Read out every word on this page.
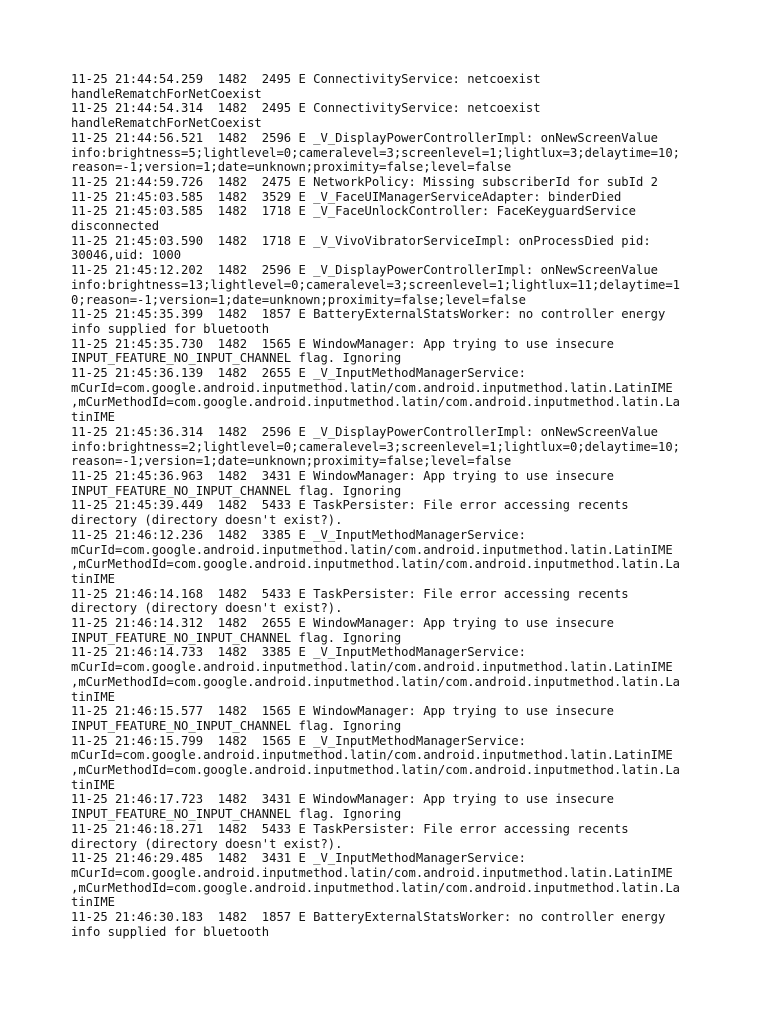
11-25 21:44:54.259  1482  2495 E ConnectivityService: netcoexist
handleRematchForNetCoexist
11-25 21:44:54.314  1482  2495 E ConnectivityService: netcoexist
handleRematchForNetCoexist
11-25 21:44:56.521  1482  2596 E _V_DisplayPowerControllerImpl: onNewScreenValue
info:brightness=5;lightlevel=0;cameralevel=3;screenlevel=1;lightlux=3;delaytime=10;
reason=-1;version=1;date=unknown;proximity=false;level=false
11-25 21:44:59.726  1482  2475 E NetworkPolicy: Missing subscriberId for subId 2
11-25 21:45:03.585  1482  3529 E _V_FaceUIManagerServiceAdapter: binderDied
11-25 21:45:03.585  1482  1718 E _V_FaceUnlockController: FaceKeyguardService
disconnected
11-25 21:45:03.590  1482  1718 E _V_VivoVibratorServiceImpl: onProcessDied pid:
30046,uid: 1000
11-25 21:45:12.202  1482  2596 E _V_DisplayPowerControllerImpl: onNewScreenValue
info:brightness=13;lightlevel=0;cameralevel=3;screenlevel=1;lightlux=11;delaytime=1
0;reason=-1;version=1;date=unknown;proximity=false;level=false
11-25 21:45:35.399  1482  1857 E BatteryExternalStatsWorker: no controller energy
info supplied for bluetooth
11-25 21:45:35.730  1482  1565 E WindowManager: App trying to use insecure
INPUT_FEATURE_NO_INPUT_CHANNEL flag. Ignoring
11-25 21:45:36.139  1482  2655 E _V_InputMethodManagerService:
mCurId=com.google.android.inputmethod.latin/com.android.inputmethod.latin.LatinIME
,mCurMethodId=com.google.android.inputmethod.latin/com.android.inputmethod.latin.La
tinIME
11-25 21:45:36.314  1482  2596 E _V_DisplayPowerControllerImpl: onNewScreenValue
info:brightness=2;lightlevel=0;cameralevel=3;screenlevel=1;lightlux=0;delaytime=10;
reason=-1;version=1;date=unknown;proximity=false;level=false
11-25 21:45:36.963  1482  3431 E WindowManager: App trying to use insecure
INPUT_FEATURE_NO_INPUT_CHANNEL flag. Ignoring
11-25 21:45:39.449  1482  5433 E TaskPersister: File error accessing recents
directory (directory doesn't exist?).
11-25 21:46:12.236  1482  3385 E _V_InputMethodManagerService:
mCurId=com.google.android.inputmethod.latin/com.android.inputmethod.latin.LatinIME
,mCurMethodId=com.google.android.inputmethod.latin/com.android.inputmethod.latin.La
tinIME
11-25 21:46:14.168  1482  5433 E TaskPersister: File error accessing recents
directory (directory doesn't exist?).
11-25 21:46:14.312  1482  2655 E WindowManager: App trying to use insecure
INPUT_FEATURE_NO_INPUT_CHANNEL flag. Ignoring
11-25 21:46:14.733  1482  3385 E _V_InputMethodManagerService:
mCurId=com.google.android.inputmethod.latin/com.android.inputmethod.latin.LatinIME
,mCurMethodId=com.google.android.inputmethod.latin/com.android.inputmethod.latin.La
tinIME
11-25 21:46:15.577  1482  1565 E WindowManager: App trying to use insecure
INPUT_FEATURE_NO_INPUT_CHANNEL flag. Ignoring
11-25 21:46:15.799  1482  1565 E _V_InputMethodManagerService:
mCurId=com.google.android.inputmethod.latin/com.android.inputmethod.latin.LatinIME
,mCurMethodId=com.google.android.inputmethod.latin/com.android.inputmethod.latin.La
tinIME
11-25 21:46:17.723  1482  3431 E WindowManager: App trying to use insecure
INPUT_FEATURE_NO_INPUT_CHANNEL flag. Ignoring
11-25 21:46:18.271  1482  5433 E TaskPersister: File error accessing recents
directory (directory doesn't exist?).
11-25 21:46:29.485  1482  3431 E _V_InputMethodManagerService:
mCurId=com.google.android.inputmethod.latin/com.android.inputmethod.latin.LatinIME
,mCurMethodId=com.google.android.inputmethod.latin/com.android.inputmethod.latin.La
tinIME
11-25 21:46:30.183  1482  1857 E BatteryExternalStatsWorker: no controller energy
info supplied for bluetooth
